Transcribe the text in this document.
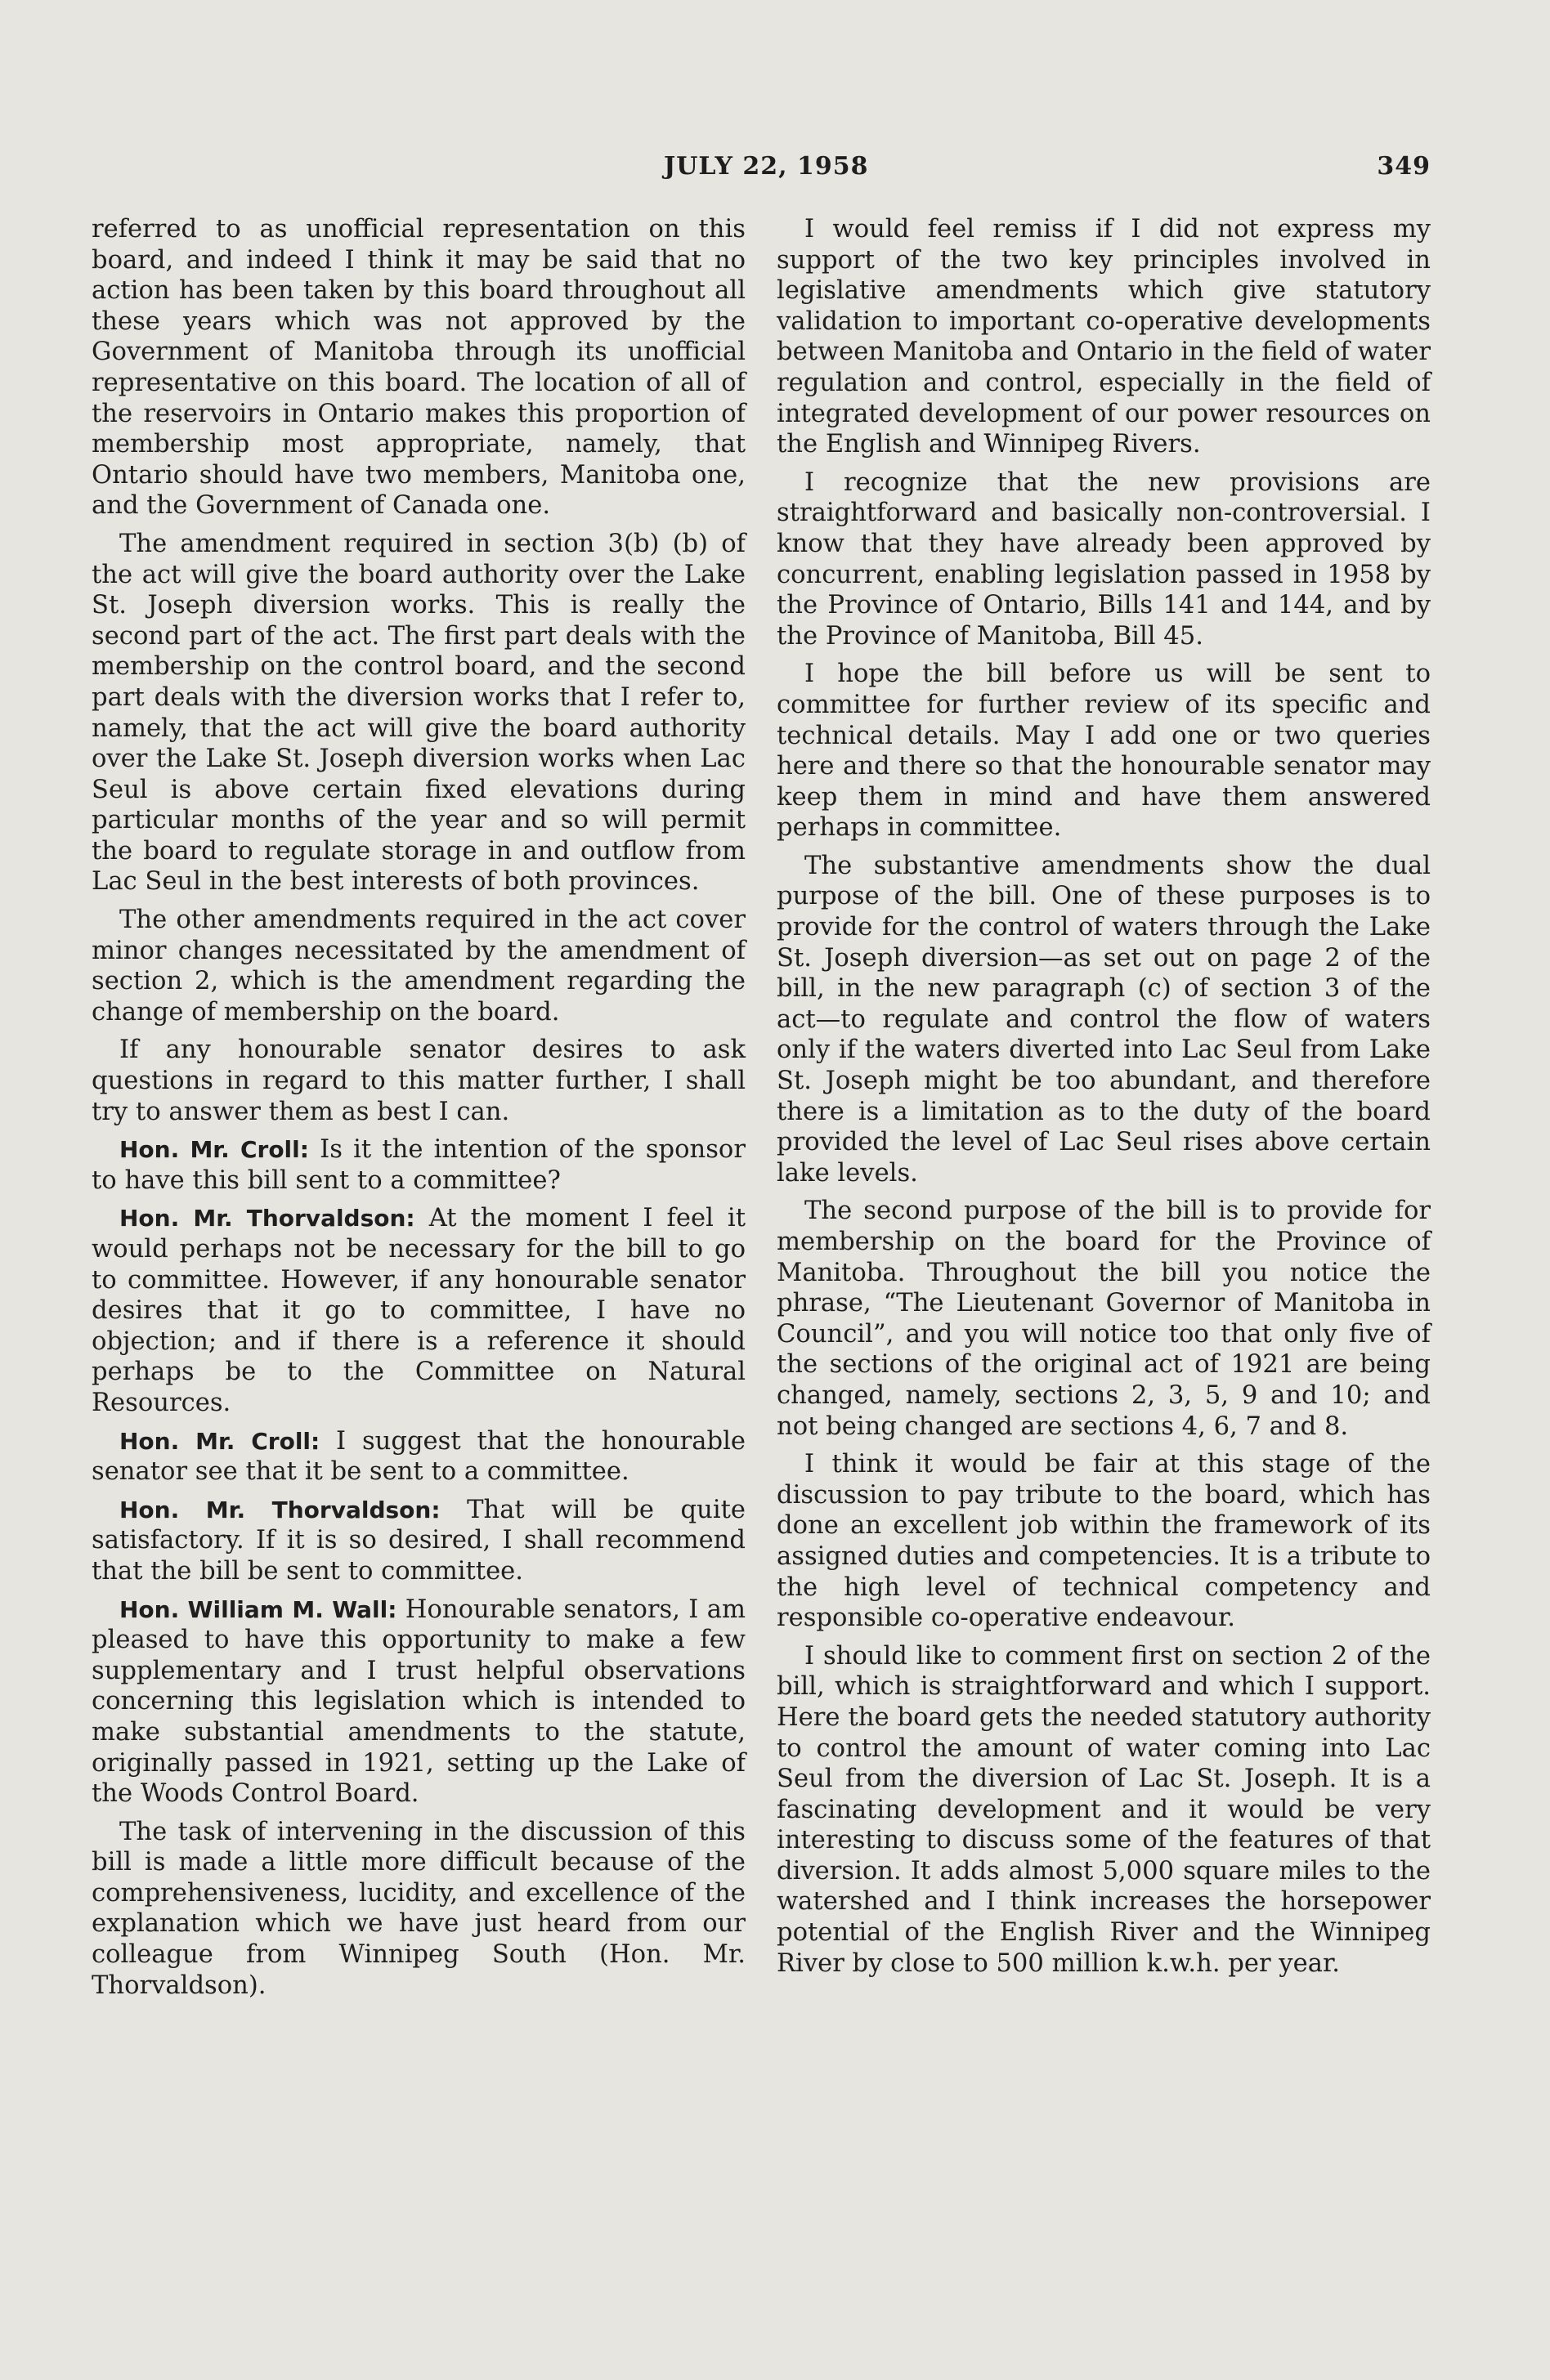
JULY 22, 1958	349

referred to as unofficial representation on this board, and indeed I think it may be said that no action has been taken by this board throughout all these years which was not approved by the Government of Manitoba through its unofficial representative on this board. The location of all of the reservoirs in Ontario makes this proportion of membership most appropriate, namely, that Ontario should have two members, Manitoba one, and the Government of Canada one.

The amendment required in section 3(b) (b) of the act will give the board authority over the Lake St. Joseph diversion works. This is really the second part of the act. The first part deals with the membership on the control board, and the second part deals with the diversion works that I refer to, namely, that the act will give the board authority over the Lake St. Joseph diversion works when Lac Seul is above certain fixed elevations during particular months of the year and so will permit the board to regulate storage in and outflow from Lac Seul in the best interests of both provinces.

The other amendments required in the act cover minor changes necessitated by the amendment of section 2, which is the amendment regarding the change of membership on the board.

If any honourable senator desires to ask questions in regard to this matter further, I shall try to answer them as best I can.

Hon. Mr. Croll: Is it the intention of the sponsor to have this bill sent to a committee?

Hon. Mr. Thorvaldson: At the moment I feel it would perhaps not be necessary for the bill to go to committee. However, if any honourable senator desires that it go to committee, I have no objection; and if there is a reference it should perhaps be to the Committee on Natural Resources.

Hon. Mr. Croll: I suggest that the honourable senator see that it be sent to a committee.

Hon. Mr. Thorvaldson: That will be quite satisfactory. If it is so desired, I shall recommend that the bill be sent to committee.

Hon. William M. Wall: Honourable senators, I am pleased to have this opportunity to make a few supplementary and I trust helpful observations concerning this legislation which is intended to make substantial amendments to the statute, originally passed in 1921, setting up the Lake of the Woods Control Board.

The task of intervening in the discussion of this bill is made a little more difficult because of the comprehensiveness, lucidity, and excellence of the explanation which we have just heard from our colleague from Winnipeg South (Hon. Mr. Thorvaldson).

I would feel remiss if I did not express my support of the two key principles involved in legislative amendments which give statutory validation to important co-operative developments between Manitoba and Ontario in the field of water regulation and control, especially in the field of integrated development of our power resources on the English and Winnipeg Rivers.

I recognize that the new provisions are straightforward and basically non-controversial. I know that they have already been approved by concurrent, enabling legislation passed in 1958 by the Province of Ontario, Bills 141 and 144, and by the Province of Manitoba, Bill 45.

I hope the bill before us will be sent to committee for further review of its specific and technical details. May I add one or two queries here and there so that the honourable senator may keep them in mind and have them answered perhaps in committee.

The substantive amendments show the dual purpose of the bill. One of these purposes is to provide for the control of waters through the Lake St. Joseph diversion—as set out on page 2 of the bill, in the new paragraph (c) of section 3 of the act—to regulate and control the flow of waters only if the waters diverted into Lac Seul from Lake St. Joseph might be too abundant, and therefore there is a limitation as to the duty of the board provided the level of Lac Seul rises above certain lake levels.

The second purpose of the bill is to provide for membership on the board for the Province of Manitoba. Throughout the bill you notice the phrase, “The Lieutenant Governor of Manitoba in Council”, and you will notice too that only five of the sections of the original act of 1921 are being changed, namely, sections 2, 3, 5, 9 and 10; and not being changed are sections 4, 6, 7 and 8.

I think it would be fair at this stage of the discussion to pay tribute to the board, which has done an excellent job within the framework of its assigned duties and competencies. It is a tribute to the high level of technical competency and responsible co-operative endeavour.

I should like to comment first on section 2 of the bill, which is straightforward and which I support. Here the board gets the needed statutory authority to control the amount of water coming into Lac Seul from the diversion of Lac St. Joseph. It is a fascinating development and it would be very interesting to discuss some of the features of that diversion. It adds almost 5,000 square miles to the watershed and I think increases the horsepower potential of the English River and the Winnipeg River by close to 500 million k.w.h. per year.
